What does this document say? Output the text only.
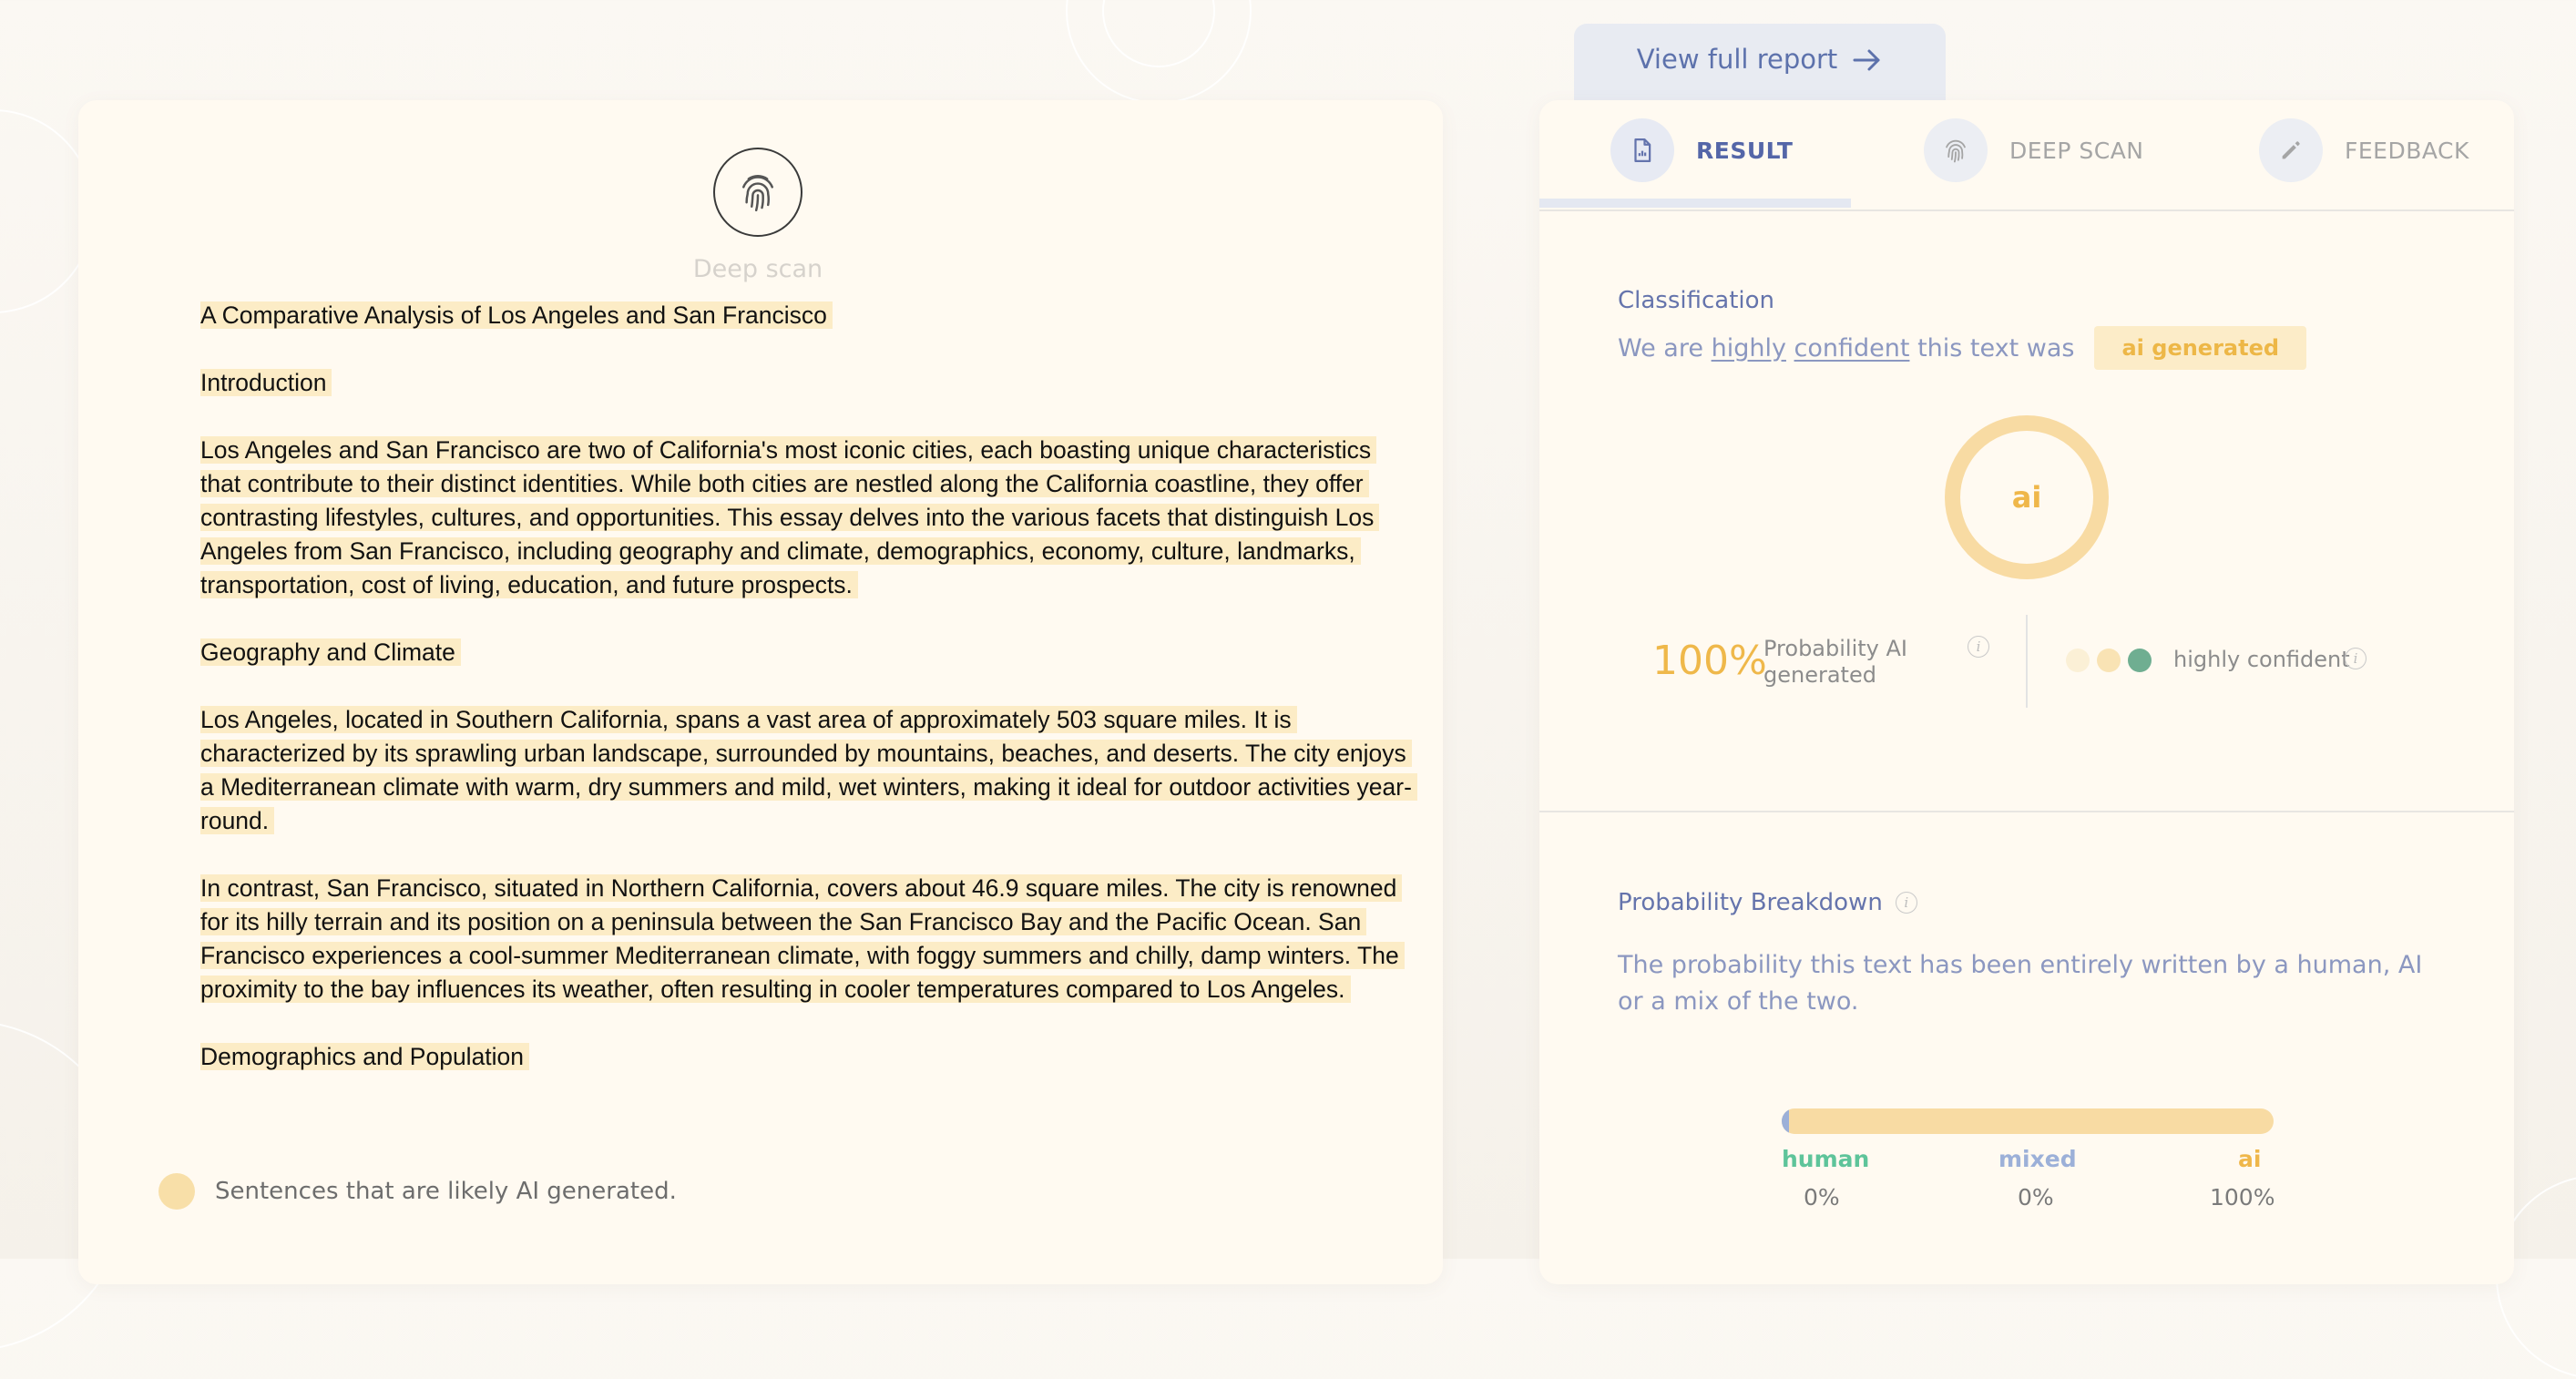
Deep scan

A Comparative Analysis of Los Angeles and San Francisco

Introduction

Los Angeles and San Francisco are two of California's most iconic cities, each boasting unique characteristics that contribute to their distinct identities. While both cities are nestled along the California coastline, they offer contrasting lifestyles, cultures, and opportunities. This essay delves into the various facets that distinguish Los Angeles from San Francisco, including geography and climate, demographics, economy, culture, landmarks, transportation, cost of living, education, and future prospects.

Geography and Climate

Los Angeles, located in Southern California, spans a vast area of approximately 503 square miles. It is characterized by its sprawling urban landscape, surrounded by mountains, beaches, and deserts. The city enjoys a Mediterranean climate with warm, dry summers and mild, wet winters, making it ideal for outdoor activities year-round.

In contrast, San Francisco, situated in Northern California, covers about 46.9 square miles. The city is renowned for its hilly terrain and its position on a peninsula between the San Francisco Bay and the Pacific Ocean. San Francisco experiences a cool-summer Mediterranean climate, with foggy summers and chilly, damp winters. The proximity to the bay influences its weather, often resulting in cooler temperatures compared to Los Angeles.

Demographics and Population

Sentences that are likely AI generated.
View full report
RESULT	DEEP SCAN	FEEDBACK
Classification
We are
highly
confident
this text was	ai generated
ai
100%
Probability AI generated
i	highly confident i
Probability Breakdown	i
The probability this text has been entirely written by a human, AI or a mix of the two.
human	mixed	ai
0%	0%	100%
